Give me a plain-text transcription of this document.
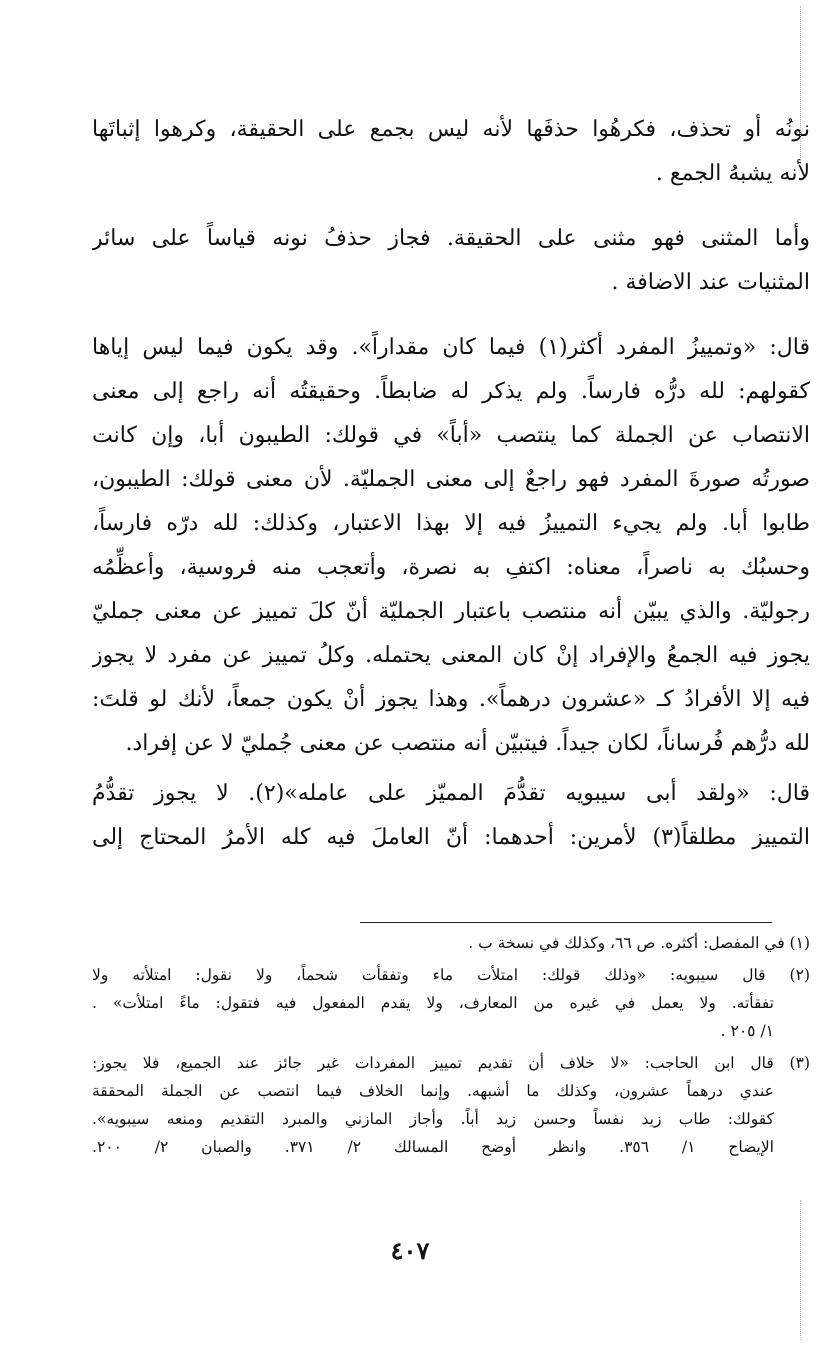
نونُه أو تحذف، فكرهُوا حذفَها لأنه ليس بجمع على الحقيقة، وكرهوا إثباتَها
لأنه يشبهُ الجمع .
وأما المثنى فهو مثنى على الحقيقة. فجاز حذفُ نونه قياساً على سائر
المثنيات عند الاضافة .
قال: «وتمييزُ المفرد أكثر(١) فيما كان مقداراً». وقد يكون فيما ليس إياها
كقولهم: لله درُّه فارساً. ولم يذكر له ضابطاً. وحقيقتُه أنه راجع إلى معنى
الانتصاب عن الجملة كما ينتصب «أباً» في قولك: الطيبون أبا، وإن كانت
صورتُه صورةَ المفرد فهو راجعٌ إلى معنى الجمليّة. لأن معنى قولك: الطيبون،
طابوا أبا. ولم يجيء التمييزُ فيه إلا بهذا الاعتبار، وكذلك: لله درّه فارساً،
وحسبُك به ناصراً، معناه: اكتفِ به نصرة، وأتعجب منه فروسية، وأعظِّمُه
رجوليّة. والذي يبيّن أنه منتصب باعتبار الجمليّة أنّ كلَ تمييز عن معنى جمليّ
يجوز فيه الجمعُ والإفراد إنْ كان المعنى يحتمله. وكلُ تمييز عن مفرد لا يجوز
فيه إلا الأفرادُ كـ «عشرون درهماً». وهذا يجوز أنْ يكون جمعاً، لأنك لو قلتَ:
لله درُّهم فُرساناً، لكان جيداً. فيتبيّن أنه منتصب عن معنى جُمليّ لا عن إفراد.
قال: «ولقد أبى سيبويه تقدُّمَ المميّز على عامله»(٢). لا يجوز تقدُّمُ
التمييز مطلقاً(٣) لأمرين: أحدهما: أنّ العاملَ فيه كله الأمرُ المحتاج إلى
(١) في المفصل: أكثره. ص ٦٦، وكذلك في نسخة ب .
(٢) قال سيبويه: «وذلك قولك: امتلأت ماء وتفقأت شحماً، ولا نقول: امتلأته ولا
تفقأته. ولا يعمل في غيره من المعارف، ولا يقدم المفعول فيه فتقول: ماءً امتلأت» .
١/ ٢٠٥ .
(٣) قال ابن الحاجب: «لا خلاف أن تقديم تمييز المفردات غير جائز عند الجميع، فلا يجوز:
عندي درهماً عشرون، وكذلك ما أشبهه. وإنما الخلاف فيما انتصب عن الجملة المحققة
كقولك: طاب زيد نفساً وحسن زيد أباً. وأجاز المازني والمبرد التقديم ومنعه سيبويه».
الإيضاح ١/ ٣٥٦. وانظر أوضح المسالك ٢/ ٣٧١. والصبان ٢/ ٢٠٠.
٤٠٧
